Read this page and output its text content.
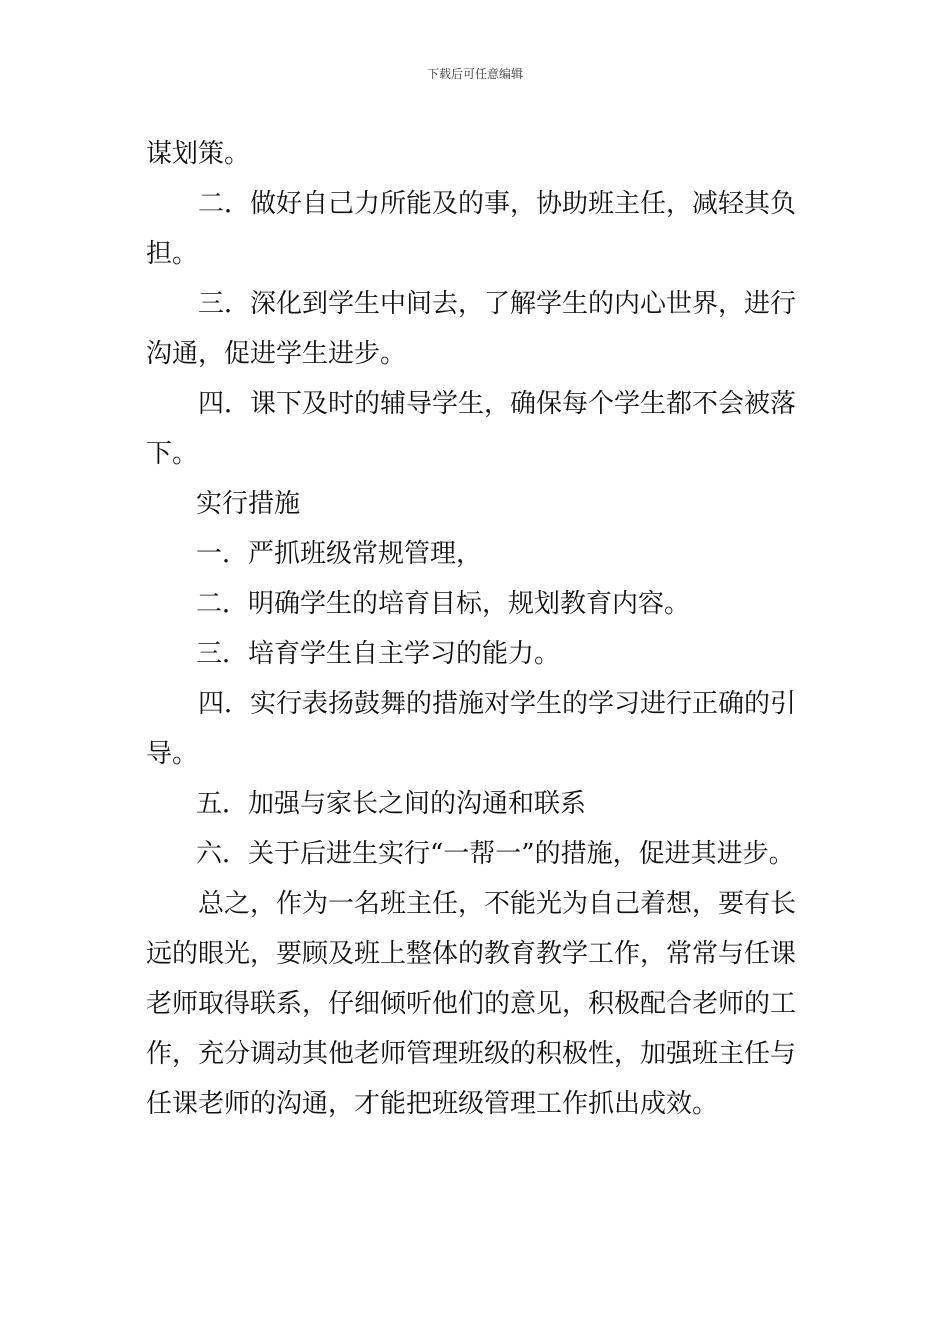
下载后可任意编辑

谋划策。

二．做好自己力所能及的事，协助班主任，减轻其负

担。

三．深化到学生中间去，了解学生的内心世界，进行

沟通，促进学生进步。

四．课下及时的辅导学生，确保每个学生都不会被落

下。

实行措施

一．严抓班级常规管理，

二．明确学生的培育目标，规划教育内容。

三．培育学生自主学习的能力。

四．实行表扬鼓舞的措施对学生的学习进行正确的引

导。

五．加强与家长之间的沟通和联系

六．关于后进生实行“一帮一”的措施，促进其进步。

总之，作为一名班主任，不能光为自己着想，要有长

远的眼光，要顾及班上整体的教育教学工作，常常与任课

老师取得联系，仔细倾听他们的意见，积极配合老师的工

作，充分调动其他老师管理班级的积极性，加强班主任与

任课老师的沟通，才能把班级管理工作抓出成效。
